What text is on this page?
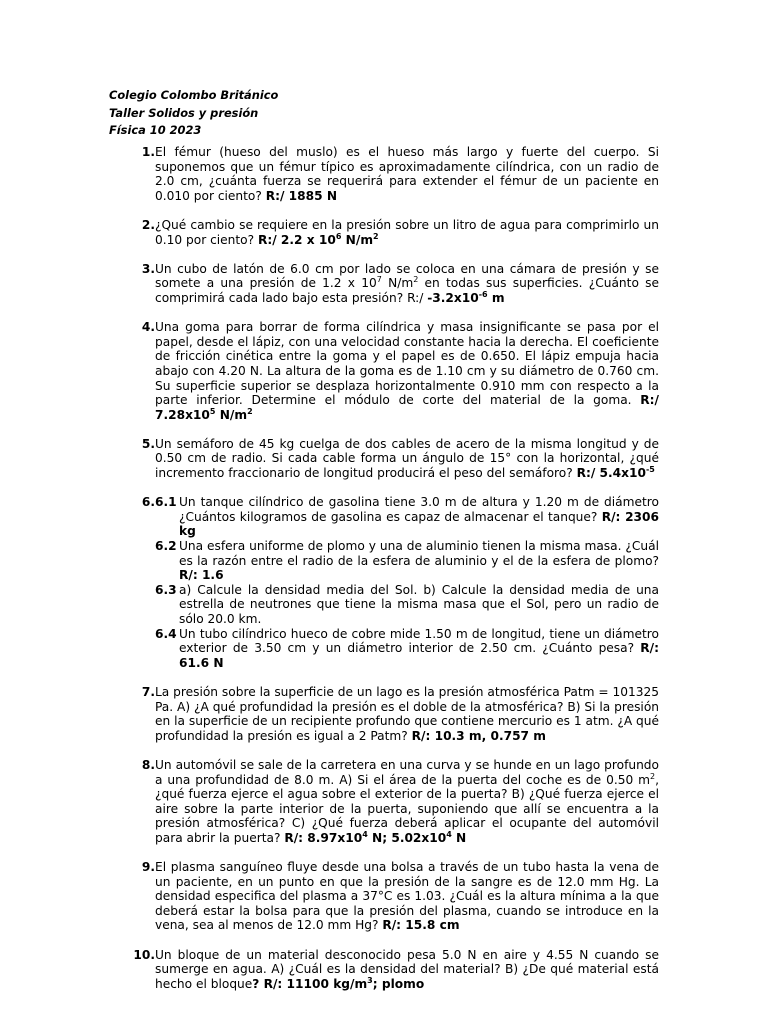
Colegio Colombo Británico
Taller Solidos y presión
Física 10 2023
1. El fémur (hueso del muslo) es el hueso más largo y fuerte del cuerpo. Si suponemos que un fémur típico es aproximadamente cilíndrica, con un radio de 2.0 cm, ¿cuánta fuerza se requerirá para extender el fémur de un paciente en 0.010 por ciento? R:/ 1885 N
2. ¿Qué cambio se requiere en la presión sobre un litro de agua para comprimirlo un 0.10 por ciento? R:/ 2.2 x $10^6$ $N/m^2$
3. Un cubo de latón de 6.0 cm por lado se coloca en una cámara de presión y se somete a una presión de 1.2 x $10^7$ $N/m^2$ en todas sus superficies. ¿Cuánto se comprimirá cada lado bajo esta presión? R:/ $-3.2x10^{-6}$ m
4. Una goma para borrar de forma cilíndrica y masa insignificante se pasa por el papel, desde el lápiz, con una velocidad constante hacia la derecha. El coeficiente de fricción cinética entre la goma y el papel es de 0.650. El lápiz empuja hacia abajo con 4.20 N. La altura de la goma es de 1.10 cm y su diámetro de 0.760 cm. Su superficie superior se desplaza horizontalmente 0.910 mm con respecto a la parte inferior. Determine el módulo de corte del material de la goma. R:/ $7.28x10^5$ $N/m^2$
5. Un semáforo de 45 kg cuelga de dos cables de acero de la misma longitud y de 0.50 cm de radio. Si cada cable forma un ángulo de 15° con la horizontal, ¿qué incremento fraccionario de longitud producirá el peso del semáforo? R:/ $5.4x10^{-5}$
6. 6.1 Un tanque cilíndrico de gasolina tiene 3.0 m de altura y 1.20 m de diámetro ¿Cuántos kilogramos de gasolina es capaz de almacenar el tanque? R/: 2306 kg
6.2 Una esfera uniforme de plomo y una de aluminio tienen la misma masa. ¿Cuál es la razón entre el radio de la esfera de aluminio y el de la esfera de plomo? R/: 1.6
6.3 a) Calcule la densidad media del Sol. b) Calcule la densidad media de una estrella de neutrones que tiene la misma masa que el Sol, pero un radio de sólo 20.0 km.
6.4 Un tubo cilíndrico hueco de cobre mide 1.50 m de longitud, tiene un diámetro exterior de 3.50 cm y un diámetro interior de 2.50 cm. ¿Cuánto pesa? R/: 61.6 N
7. La presión sobre la superficie de un lago es la presión atmosférica Patm = 101325 Pa. A) ¿A qué profundidad la presión es el doble de la atmosférica? B) Si la presión en la superficie de un recipiente profundo que contiene mercurio es 1 atm. ¿A qué profundidad la presión es igual a 2 Patm? R/: 10.3 m, 0.757 m
8. Un automóvil se sale de la carretera en una curva y se hunde en un lago profundo a una profundidad de 8.0 m. A) Si el área de la puerta del coche es de 0.50 $m^2$, ¿qué fuerza ejerce el agua sobre el exterior de la puerta? B) ¿Qué fuerza ejerce el aire sobre la parte interior de la puerta, suponiendo que allí se encuentra a la presión atmosférica? C) ¿Qué fuerza deberá aplicar el ocupante del automóvil para abrir la puerta? R/: $8.97x10^4$ N; $5.02x10^4$ N
9. El plasma sanguíneo fluye desde una bolsa a través de un tubo hasta la vena de un paciente, en un punto en que la presión de la sangre es de 12.0 mm Hg. La densidad especifica del plasma a 37°C es 1.03. ¿Cuál es la altura mínima a la que deberá estar la bolsa para que la presión del plasma, cuando se introduce en la vena, sea al menos de 12.0 mm Hg? R/: 15.8 cm
10. Un bloque de un material desconocido pesa 5.0 N en aire y 4.55 N cuando se sumerge en agua. A) ¿Cuál es la densidad del material? B) ¿De qué material está hecho el bloque? R/: 11100 $kg/m^3$; plomo
